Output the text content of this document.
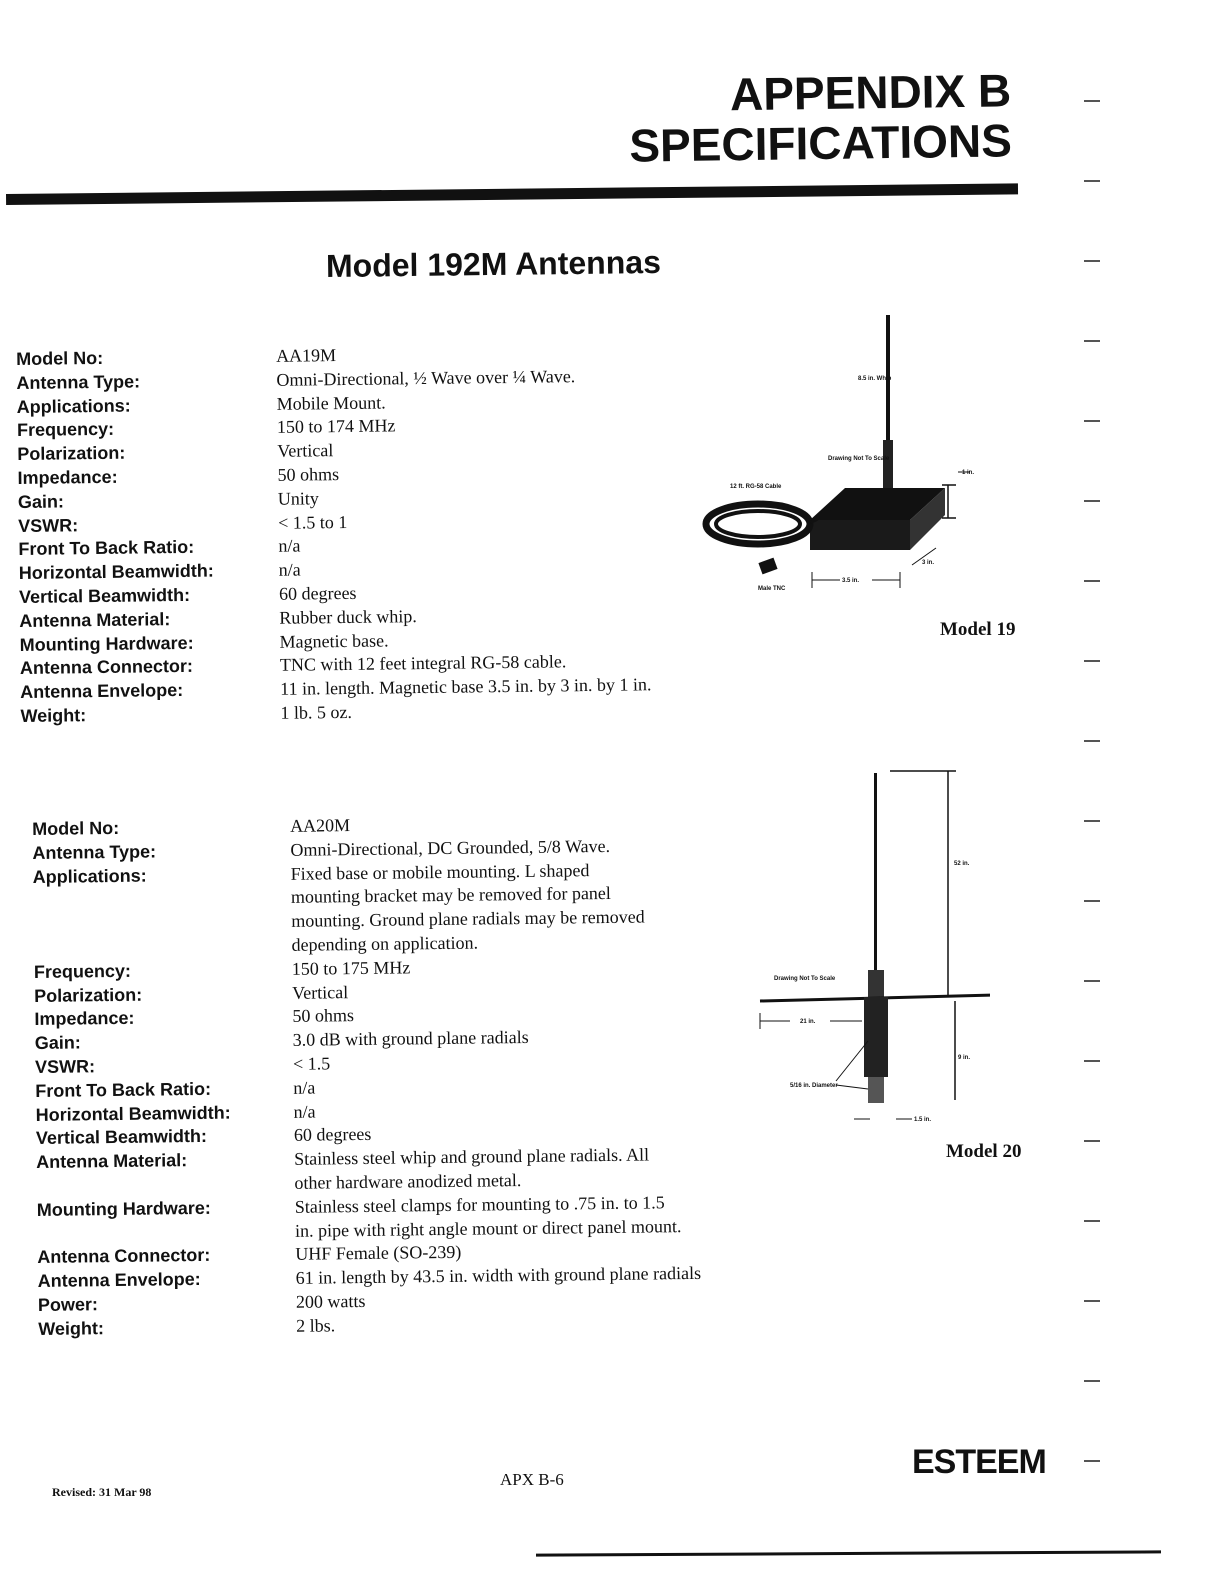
APPENDIX B
SPECIFICATIONS
Model 192M Antennas
Model No:	AA19M
Antenna Type:	Omni-Directional, ½ Wave over ¼ Wave.
Applications:	Mobile Mount.
Frequency:	150 to 174 MHz
Polarization:	Vertical
Impedance:	50 ohms
Gain:	Unity
VSWR:	< 1.5 to 1
Front To Back Ratio:	n/a
Horizontal Beamwidth:	n/a
Vertical Beamwidth:	60 degrees
Antenna Material:	Rubber duck whip.
Mounting Hardware:	Magnetic base.
Antenna Connector:	TNC with 12 feet integral RG-58 cable.
Antenna Envelope:	11 in. length. Magnetic base 3.5 in. by 3 in. by 1 in.
Weight:	1 lb. 5 oz.
8.5 in. Whip
Drawing Not To Scale
12 ft. RG-58 Cable
1 in.
3 in.
3.5 in.
Male TNC
Model 19
Model No:	AA20M
Antenna Type:	Omni-Directional, DC Grounded, 5/8 Wave.
Applications:	Fixed base or mobile mounting. L shaped
mounting bracket may be removed for panel
mounting. Ground plane radials may be removed
depending on application.
Frequency:	150 to 175 MHz
Polarization:	Vertical
Impedance:	50 ohms
Gain:	3.0 dB with ground plane radials
VSWR:	< 1.5
Front To Back Ratio:	n/a
Horizontal Beamwidth:	n/a
Vertical Beamwidth:	60 degrees
Antenna Material:	Stainless steel whip and ground plane radials. All
other hardware anodized metal.
Mounting Hardware:	Stainless steel clamps for mounting to .75 in. to 1.5
in. pipe with right angle mount or direct panel mount.
Antenna Connector:	UHF Female (SO-239)
Antenna Envelope:	61 in. length by 43.5 in. width with ground plane radials
Power:	200 watts
Weight:	2 lbs.
52 in.
Drawing Not To Scale
21 in.
9 in.
5/16 in. Diameter
1.5 in.
Model 20
Revised: 31 Mar 98
APX B-6	ESTEEM
